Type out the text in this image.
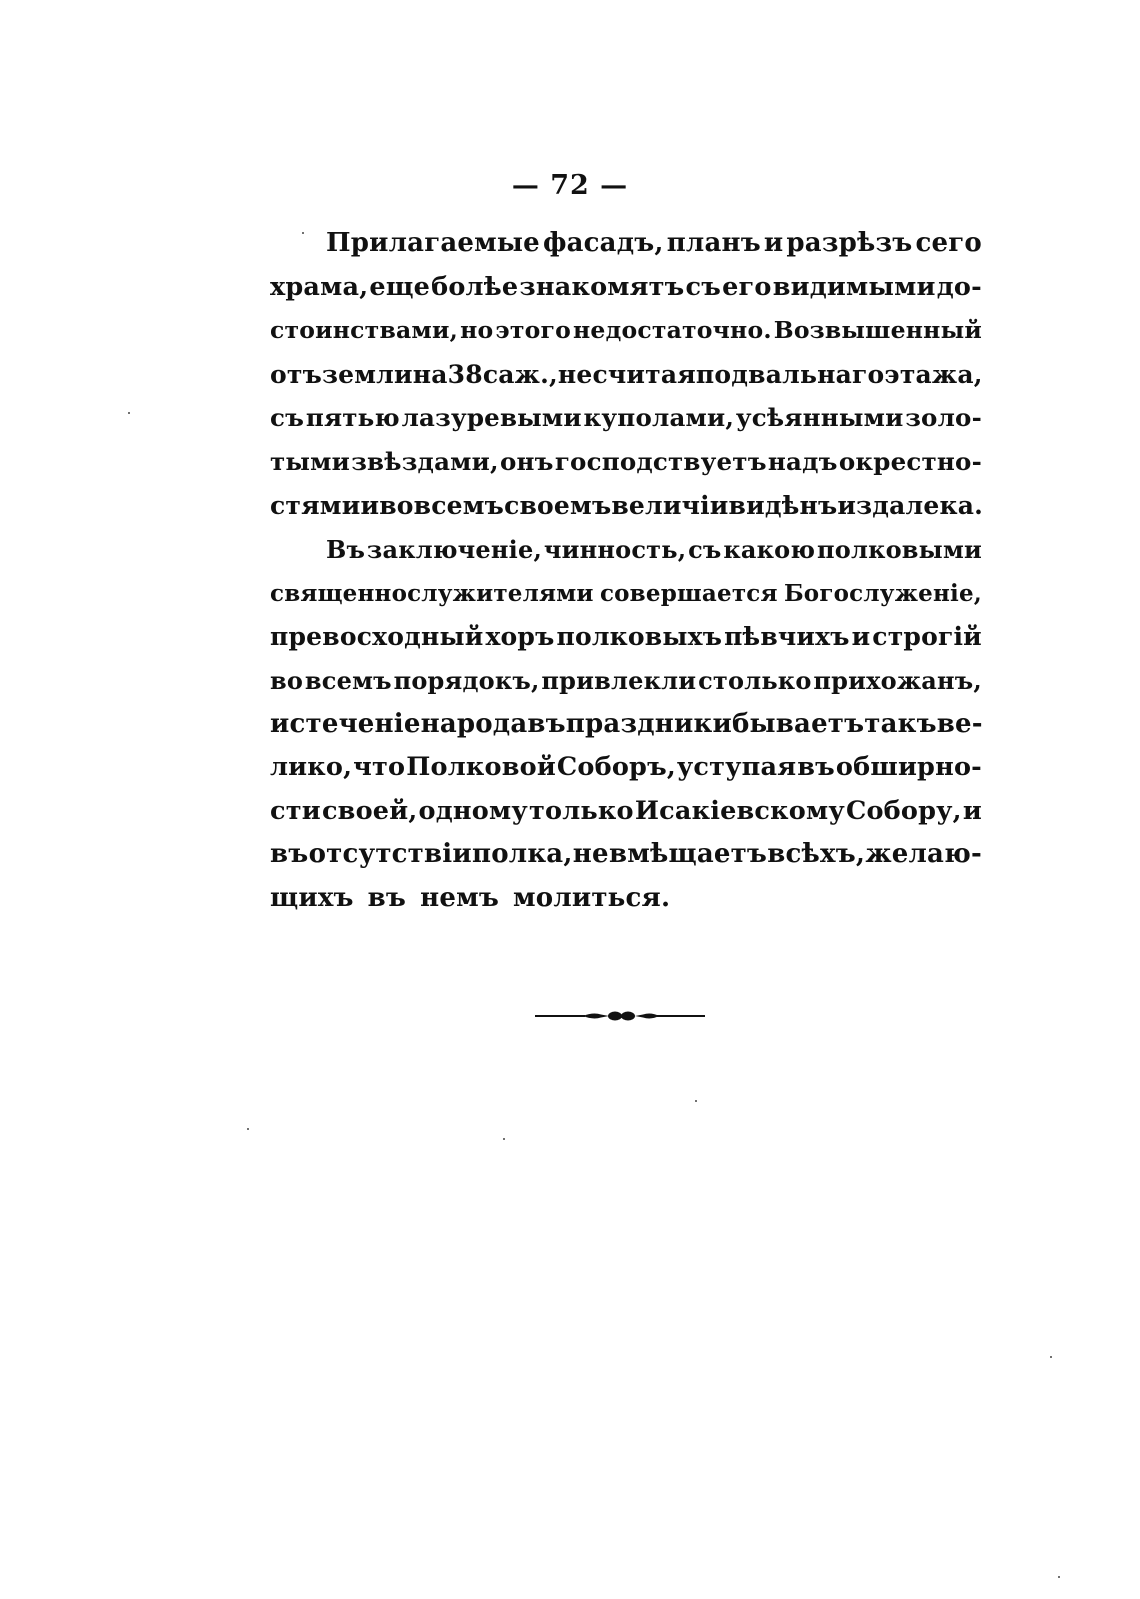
— 72 —
Прилагаемые фасадъ, планъ и разрѣзъ сего
храма, еще болѣе знакомятъ съ его видимыми до-
стоинствами, но этого недостаточно. Возвышенный
отъ земли на 38 саж., не считая подвальнаго этажа,
съ пятью лазуревыми куполами, усѣянными золо-
тыми звѣздами, онъ господствуетъ надъ окрестно-
стями и во всемъ своемъ величіи видѣнъ издалека.
Въ заключеніе, чинность, съ какою полковыми
священнослужителями совершается Богослуженіе,
превосходный хоръ полковыхъ пѣвчихъ и строгій
во всемъ порядокъ, привлекли столько прихожанъ,
и стеченіе народа въ праздники бываетъ такъ ве-
лико, что Полковой Соборъ, уступая въ обширно-
сти своей, одному только Исакіевскому Собору, и
въ отсутствіи полка, не вмѣщаетъ всѣхъ, желаю-
щихъ въ немъ молиться.
